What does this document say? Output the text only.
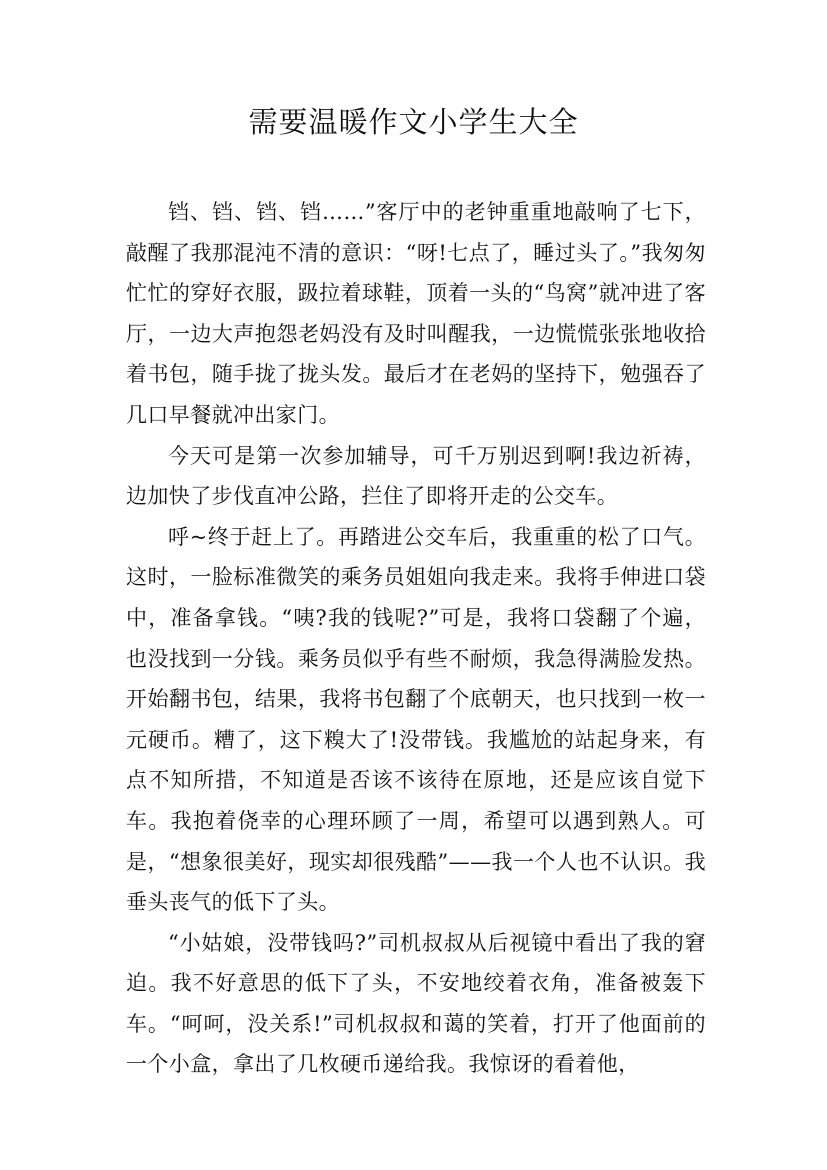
需要温暖作文小学生大全

铛、铛、铛、铛……”客厅中的老钟重重地敲响了七下，敲醒了我那混沌不清的意识：“呀!七点了，睡过头了。”我匆匆忙忙的穿好衣服，趿拉着球鞋，顶着一头的“鸟窝”就冲进了客厅，一边大声抱怨老妈没有及时叫醒我，一边慌慌张张地收拾着书包，随手拢了拢头发。最后才在老妈的坚持下，勉强吞了几口早餐就冲出家门。

今天可是第一次参加辅导，可千万别迟到啊!我边祈祷，边加快了步伐直冲公路，拦住了即将开走的公交车。

呼~终于赶上了。再踏进公交车后，我重重的松了口气。这时，一脸标准微笑的乘务员姐姐向我走来。我将手伸进口袋中，准备拿钱。“咦?我的钱呢?”可是，我将口袋翻了个遍，也没找到一分钱。乘务员似乎有些不耐烦，我急得满脸发热。开始翻书包，结果，我将书包翻了个底朝天，也只找到一枚一元硬币。糟了，这下糗大了!没带钱。我尴尬的站起身来，有点不知所措，不知道是否该不该待在原地，还是应该自觉下车。我抱着侥幸的心理环顾了一周，希望可以遇到熟人。可是，“想象很美好，现实却很残酷”——我一个人也不认识。我垂头丧气的低下了头。

“小姑娘，没带钱吗?”司机叔叔从后视镜中看出了我的窘迫。我不好意思的低下了头，不安地绞着衣角，准备被轰下车。“呵呵，没关系!”司机叔叔和蔼的笑着，打开了他面前的一个小盒，拿出了几枚硬币递给我。我惊讶的看着他，
